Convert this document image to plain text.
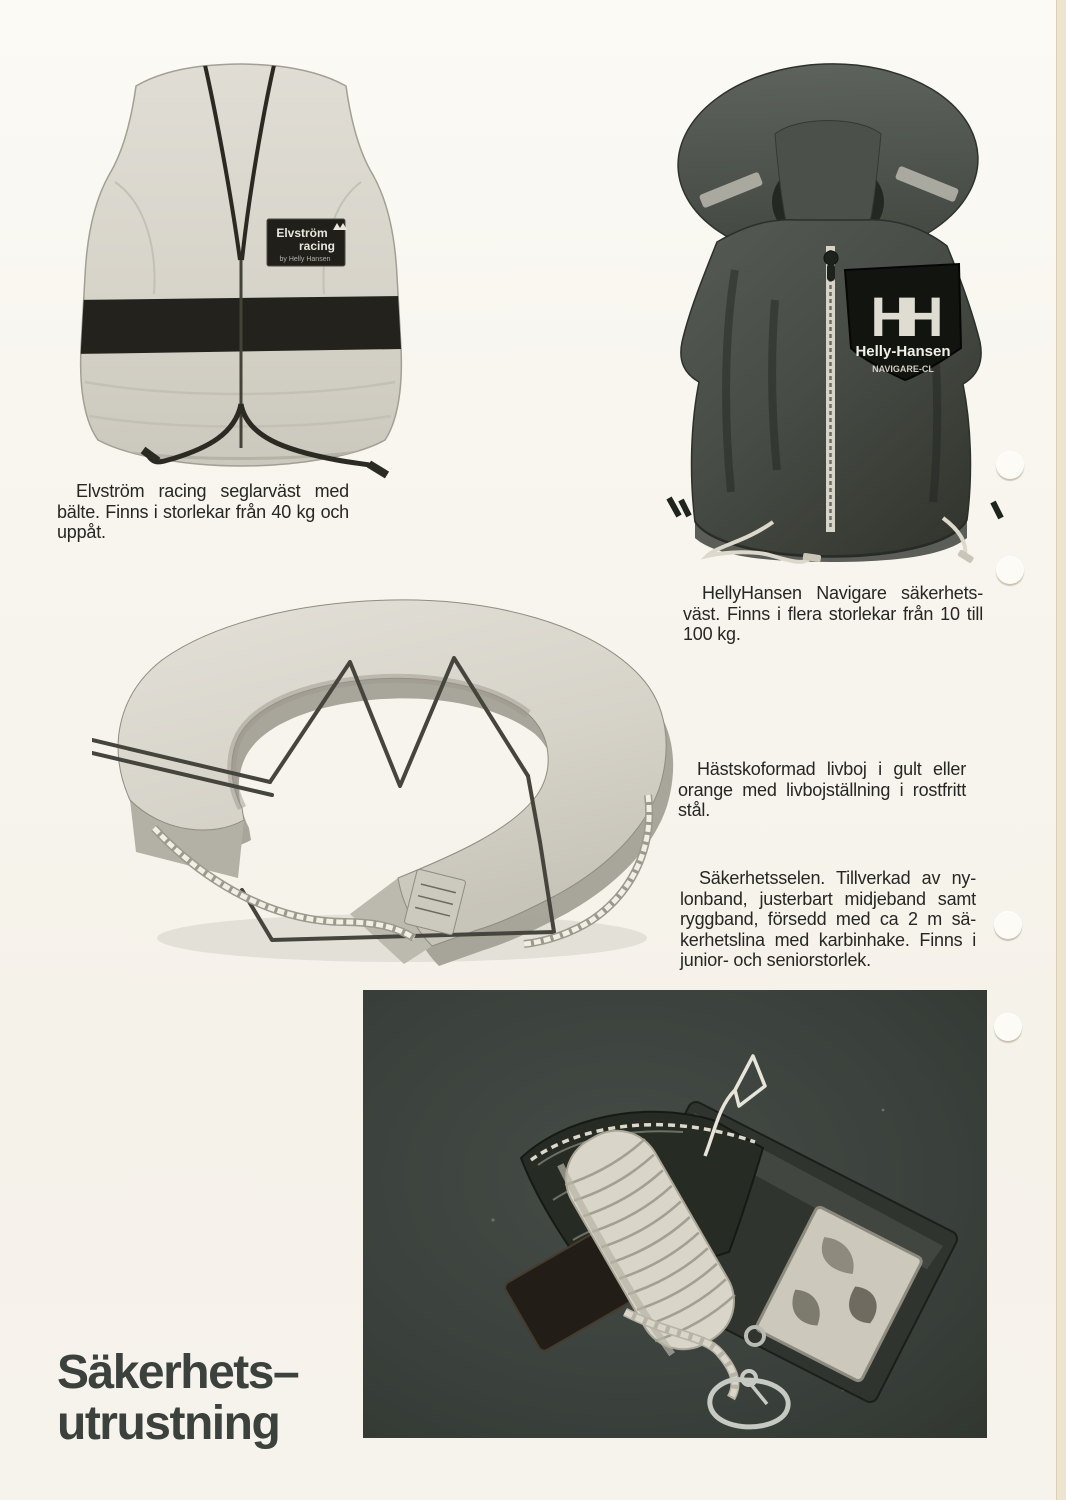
Elvström
racing
by Helly Hansen
Elvström racing seglarväst med
bälte. Finns i storlekar från 40 kg och
uppåt.
HH
Helly-Hansen
NAVIGARE-CL
HellyHansen Navigare säkerhets-
väst. Finns i flera storlekar från 10 till
100 kg.
Hästskoformad livboj i gult eller
orange med livbojställning i rostfritt
stål.
Säkerhetsselen. Tillverkad av ny-
lonband, justerbart midjeband samt
ryggband, försedd med ca 2 m sä-
kerhetslina med karbinhake. Finns i
junior- och seniorstorlek.
Säkerhets–
utrustning
